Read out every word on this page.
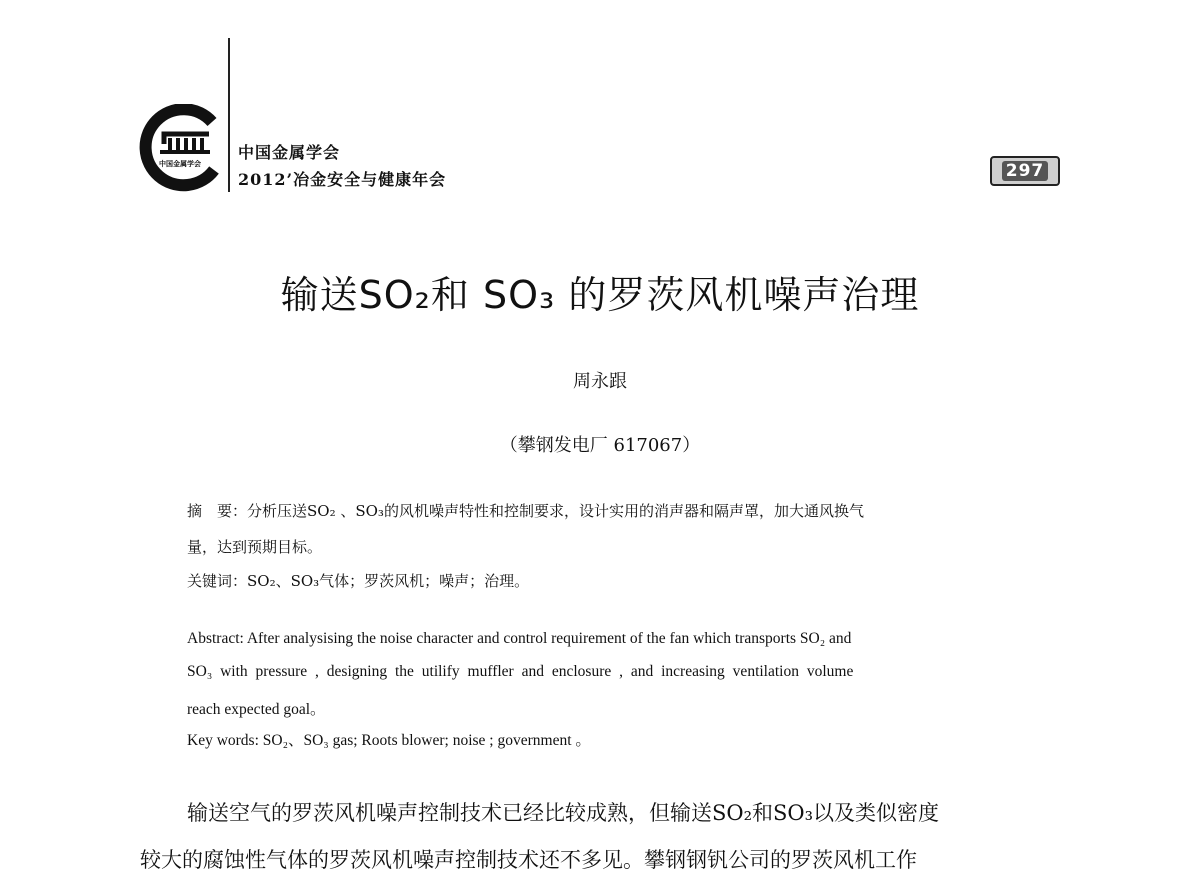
中国金属学会
中国金属学会
2012’冶金安全与健康年会	297
输送SO₂和 SO₃ 的罗茨风机噪声治理
周永跟
（攀钢发电厂 617067）
摘　要：分析压送SO₂ 、SO₃的风机噪声特性和控制要求，设计实用的消声器和隔声罩，加大通风换气
量，达到预期目标。
关键词：SO₂、SO₃气体；罗茨风机；噪声；治理。
Abstract: After analysising the noise character and control requirement of the fan which transports SO₂ and
SO₃ with pressure , designing the utilify muffler and enclosure , and increasing ventilation volume
reach expected goal。
Key words: SO₂、SO₃ gas; Roots blower; noise ; government 。
输送空气的罗茨风机噪声控制技术已经比较成熟，但输送SO₂和SO₃以及类似密度
较大的腐蚀性气体的罗茨风机噪声控制技术还不多见。攀钢钢钒公司的罗茨风机工作
